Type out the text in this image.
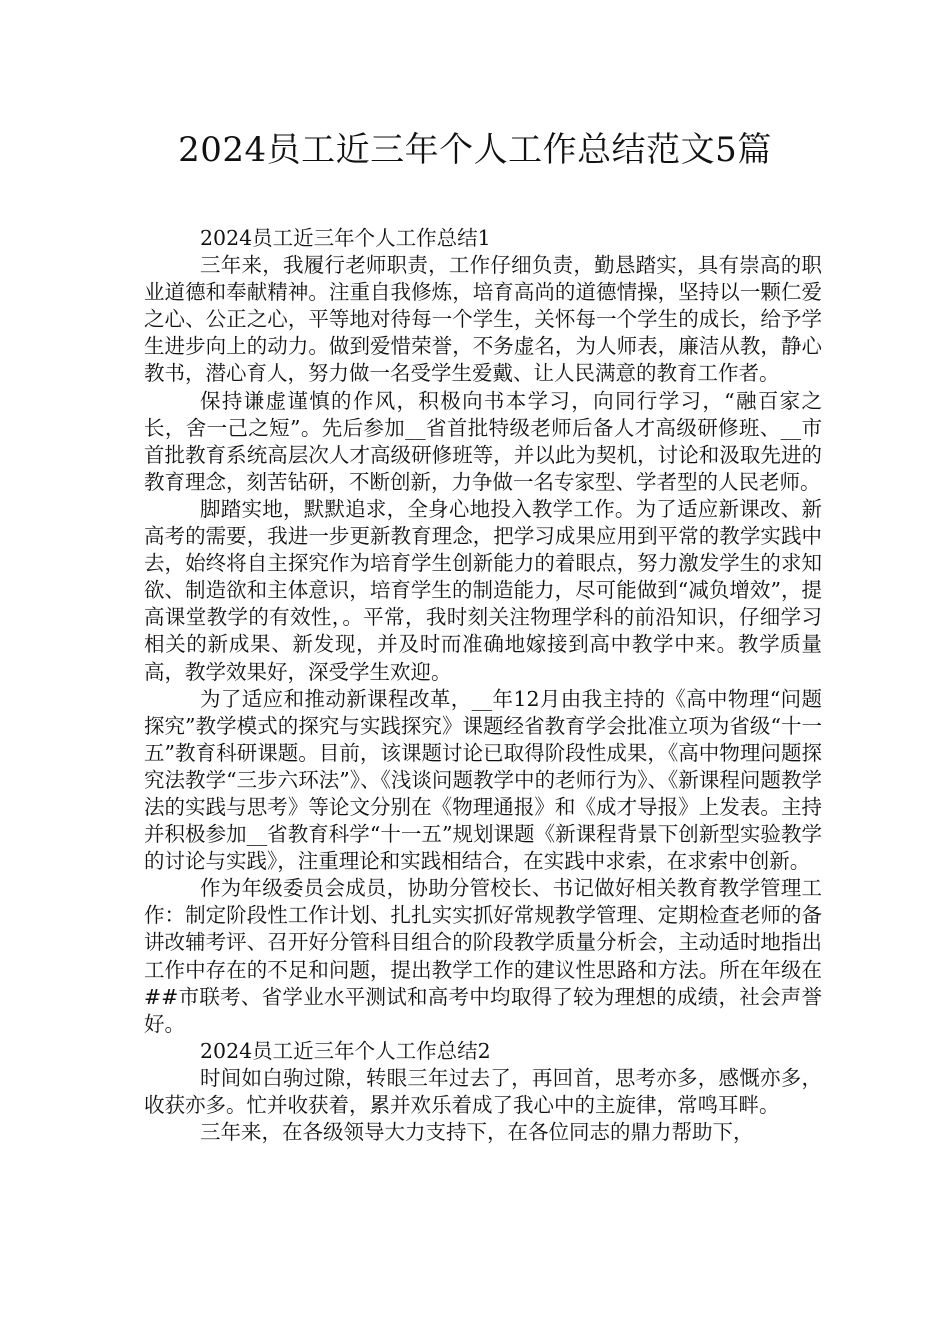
2024员工近三年个人工作总结范文5篇
2024员工近三年个人工作总结1

三年来，我履行老师职责，工作仔细负责，勤恳踏实，具有崇高的职业道德和奉献精神。注重自我修炼，培育高尚的道德情操，坚持以一颗仁爱之心、公正之心，平等地对待每一个学生，关怀每一个学生的成长，给予学生进步向上的动力。做到爱惜荣誉，不务虚名，为人师表，廉洁从教，静心教书，潜心育人，努力做一名受学生爱戴、让人民满意的教育工作者。

保持谦虚谨慎的作风，积极向书本学习，向同行学习，“融百家之长，舍一己之短”。先后参加__省首批特级老师后备人才高级研修班、__市首批教育系统高层次人才高级研修班等，并以此为契机，讨论和汲取先进的教育理念，刻苦钻研，不断创新，力争做一名专家型、学者型的人民老师。

脚踏实地，默默追求，全身心地投入教学工作。为了适应新课改、新高考的需要，我进一步更新教育理念，把学习成果应用到平常的教学实践中去，始终将自主探究作为培育学生创新能力的着眼点，努力激发学生的求知欲、制造欲和主体意识，培育学生的制造能力，尽可能做到“减负增效”，提高课堂教学的有效性，。平常，我时刻关注物理学科的前沿知识，仔细学习相关的新成果、新发现，并及时而准确地嫁接到高中教学中来。教学质量高，教学效果好，深受学生欢迎。

为了适应和推动新课程改革，__年12月由我主持的《高中物理“问题探究”教学模式的探究与实践探究》课题经省教育学会批准立项为省级“十一五”教育科研课题。目前，该课题讨论已取得阶段性成果，《高中物理问题探究法教学“三步六环法”》、《浅谈问题教学中的老师行为》、《新课程问题教学法的实践与思考》等论文分别在《物理通报》和《成才导报》上发表。主持并积极参加__省教育科学“十一五”规划课题《新课程背景下创新型实验教学的讨论与实践》，注重理论和实践相结合，在实践中求索，在求索中创新。

作为年级委员会成员，协助分管校长、书记做好相关教育教学管理工作：制定阶段性工作计划、扎扎实实抓好常规教学管理、定期检查老师的备讲改辅考评、召开好分管科目组合的阶段教学质量分析会，主动适时地指出工作中存在的不足和问题，提出教学工作的建议性思路和方法。所在年级在##市联考、省学业水平测试和高考中均取得了较为理想的成绩，社会声誉好。

2024员工近三年个人工作总结2

时间如白驹过隙，转眼三年过去了，再回首，思考亦多，感慨亦多，收获亦多。忙并收获着，累并欢乐着成了我心中的主旋律，常鸣耳畔。

三年来，在各级领导大力支持下，在各位同志的鼎力帮助下，
